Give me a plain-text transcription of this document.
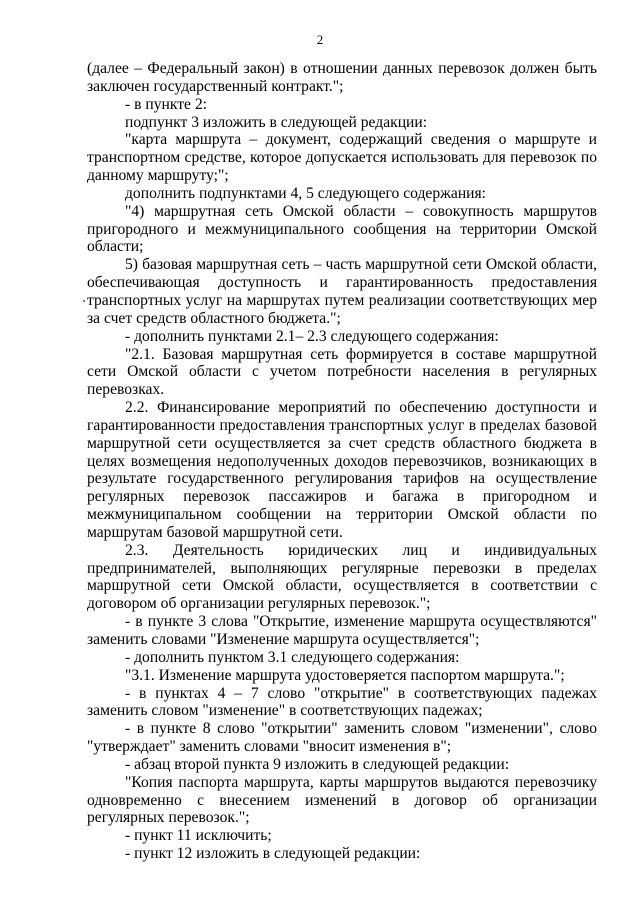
2

(далее – Федеральный закон) в отношении данных перевозок должен быть заключен государственный контракт.";

- в пункте 2:

подпункт 3 изложить в следующей редакции:

"карта маршрута – документ, содержащий сведения о маршруте и транспортном средстве, которое допускается использовать для перевозок по данному маршруту;";

дополнить подпунктами 4, 5 следующего содержания:

"4) маршрутная сеть Омской области – совокупность маршрутов пригородного и межмуниципального сообщения на территории Омской области;

5) базовая маршрутная сеть – часть маршрутной сети Омской области, обеспечивающая доступность и гарантированность предоставления транспортных услуг на маршрутах путем реализации соответствующих мер за счет средств областного бюджета.";

- дополнить пунктами 2.1– 2.3 следующего содержания:

"2.1. Базовая маршрутная сеть формируется в составе маршрутной сети Омской области с учетом потребности населения в регулярных перевозках.

2.2. Финансирование мероприятий по обеспечению доступности и гарантированности предоставления транспортных услуг в пределах базовой маршрутной сети осуществляется за счет средств областного бюджета в целях возмещения недополученных доходов перевозчиков, возникающих в результате государственного регулирования тарифов на осуществление регулярных перевозок пассажиров и багажа в пригородном и межмуниципальном сообщении на территории Омской области по маршрутам базовой маршрутной сети.

2.3. Деятельность юридических лиц и индивидуальных предпринимателей, выполняющих регулярные перевозки в пределах маршрутной сети Омской области, осуществляется в соответствии с договором об организации регулярных перевозок.";

- в пункте 3 слова "Открытие, изменение маршрута осуществляются" заменить словами "Изменение маршрута осуществляется";

- дополнить пунктом 3.1 следующего содержания:

"3.1. Изменение маршрута удостоверяется паспортом маршрута.";

- в пунктах 4 – 7 слово "открытие" в соответствующих падежах заменить словом "изменение" в соответствующих падежах;

- в пункте 8 слово "открытии" заменить словом "изменении", слово "утверждает" заменить словами "вносит изменения в";

- абзац второй пункта 9 изложить в следующей редакции:

"Копия паспорта маршрута, карты маршрутов выдаются перевозчику одновременно с внесением изменений в договор об организации регулярных перевозок.";

- пункт 11 исключить;

- пункт 12 изложить в следующей редакции:
